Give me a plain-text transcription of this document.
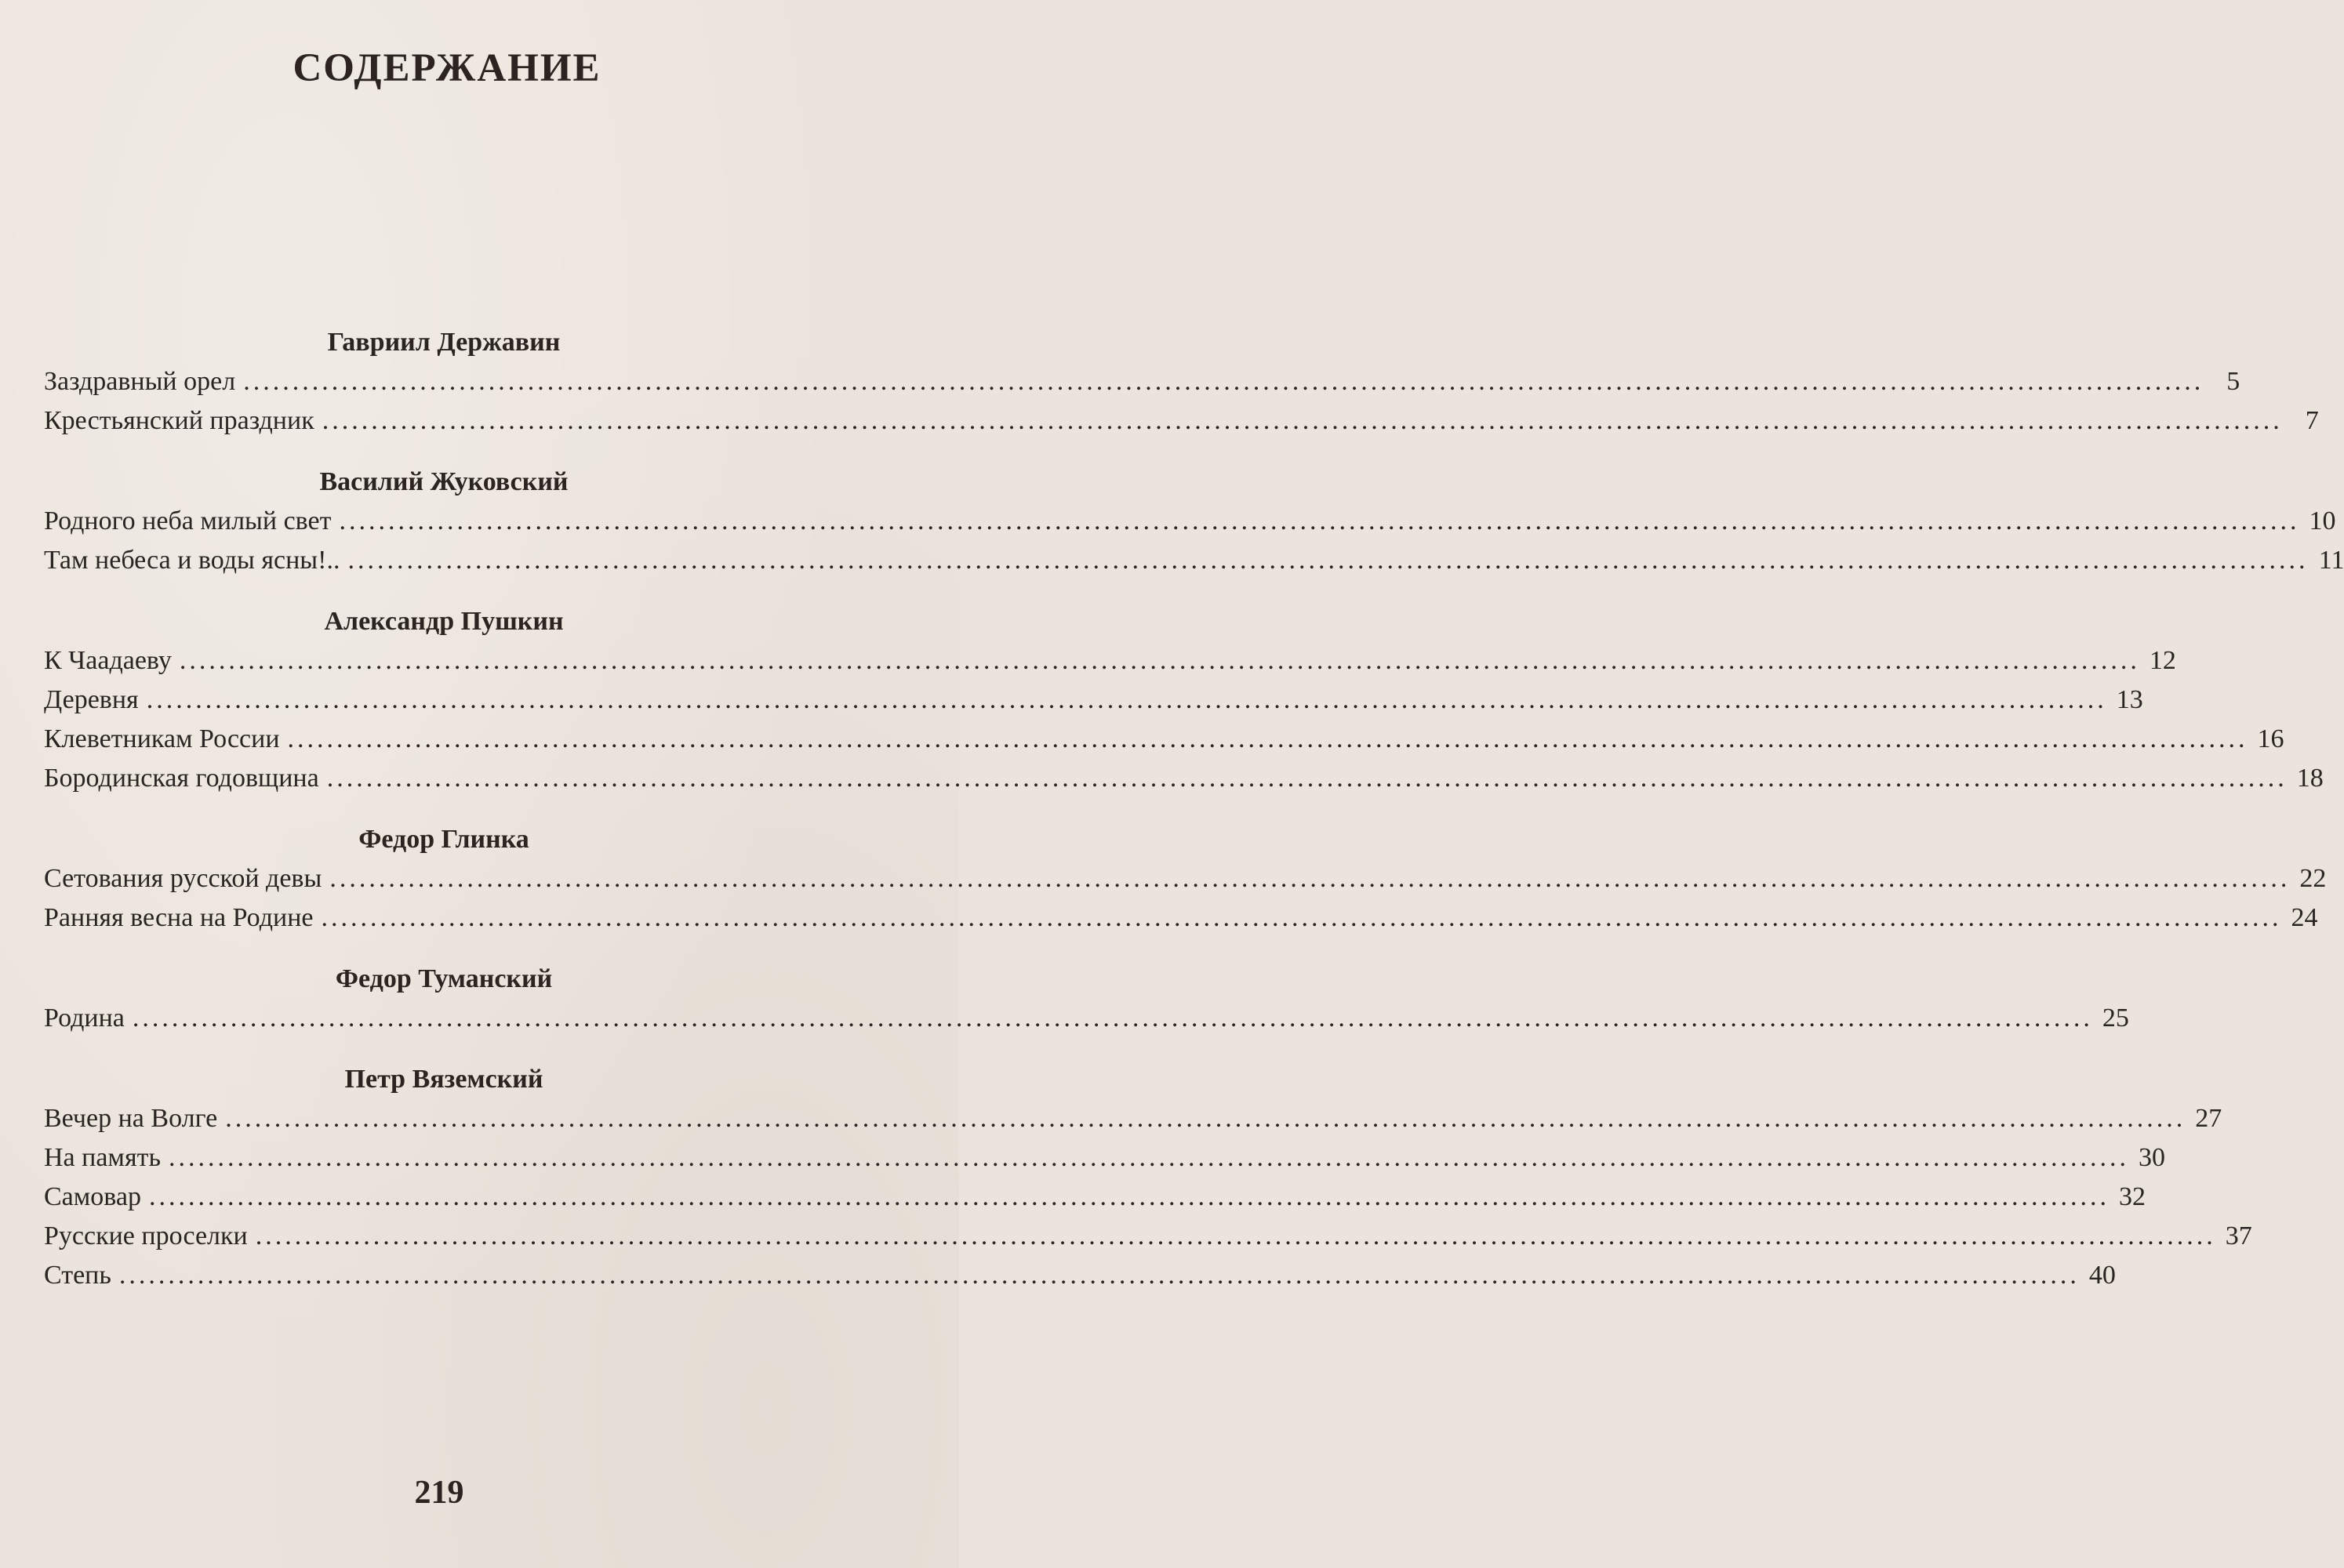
СОДЕРЖАНИЕ
Гавриил Державин
Заздравный орел ........................................................................................................................................................................................................ 5
Крестьянский праздник ........................................................................................................................................................................................................ 7
Василий Жуковский
Родного неба милый свет ........................................................................................................................................................................................................ 10
Там небеса и воды ясны!.. ........................................................................................................................................................................................................ 11
Александр Пушкин
К Чаадаеву ........................................................................................................................................................................................................ 12
Деревня ........................................................................................................................................................................................................ 13
Клеветникам России ........................................................................................................................................................................................................ 16
Бородинская годовщина ........................................................................................................................................................................................................ 18
Федор Глинка
Сетования русской девы ........................................................................................................................................................................................................ 22
Ранняя весна на Родине ........................................................................................................................................................................................................ 24
Федор Туманский
Родина ........................................................................................................................................................................................................ 25
Петр Вяземский
Вечер на Волге ........................................................................................................................................................................................................ 27
На память ........................................................................................................................................................................................................ 30
Самовар ........................................................................................................................................................................................................ 32
Русские проселки ........................................................................................................................................................................................................ 37
Степь ........................................................................................................................................................................................................ 40
219
